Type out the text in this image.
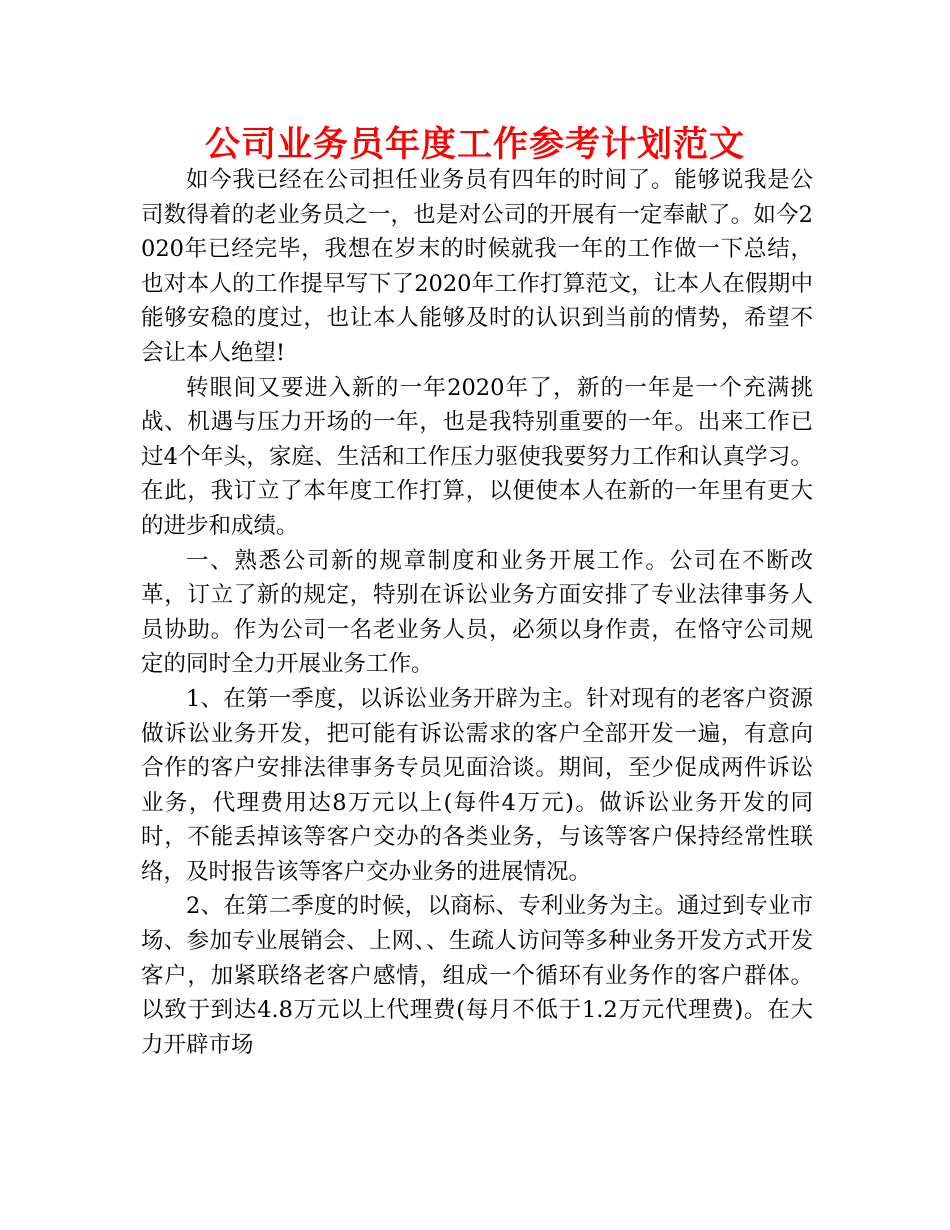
公司业务员年度工作参考计划范文

如今我已经在公司担任业务员有四年的时间了。能够说我是公司数得着的老业务员之一，也是对公司的开展有一定奉献了。如今2020年已经完毕，我想在岁末的时候就我一年的工作做一下总结，也对本人的工作提早写下了2020年工作打算范文，让本人在假期中能够安稳的度过，也让本人能够及时的认识到当前的情势，希望不会让本人绝望!

转眼间又要进入新的一年2020年了，新的一年是一个充满挑战、机遇与压力开场的一年，也是我特别重要的一年。出来工作已过4个年头，家庭、生活和工作压力驱使我要努力工作和认真学习。在此，我订立了本年度工作打算，以便使本人在新的一年里有更大的进步和成绩。

一、熟悉公司新的规章制度和业务开展工作。公司在不断改革，订立了新的规定，特别在诉讼业务方面安排了专业法律事务人员协助。作为公司一名老业务人员，必须以身作责，在恪守公司规定的同时全力开展业务工作。

1、在第一季度，以诉讼业务开辟为主。针对现有的老客户资源做诉讼业务开发，把可能有诉讼需求的客户全部开发一遍，有意向合作的客户安排法律事务专员见面洽谈。期间，至少促成两件诉讼业务，代理费用达8万元以上(每件4万元)。做诉讼业务开发的同时，不能丢掉该等客户交办的各类业务，与该等客户保持经常性联络，及时报告该等客户交办业务的进展情况。

2、在第二季度的时候，以商标、专利业务为主。通过到专业市场、参加专业展销会、上网、、生疏人访问等多种业务开发方式开发客户，加紧联络老客户感情，组成一个循环有业务作的客户群体。以致于到达4.8万元以上代理费(每月不低于1.2万元代理费)。在大力开辟市场
